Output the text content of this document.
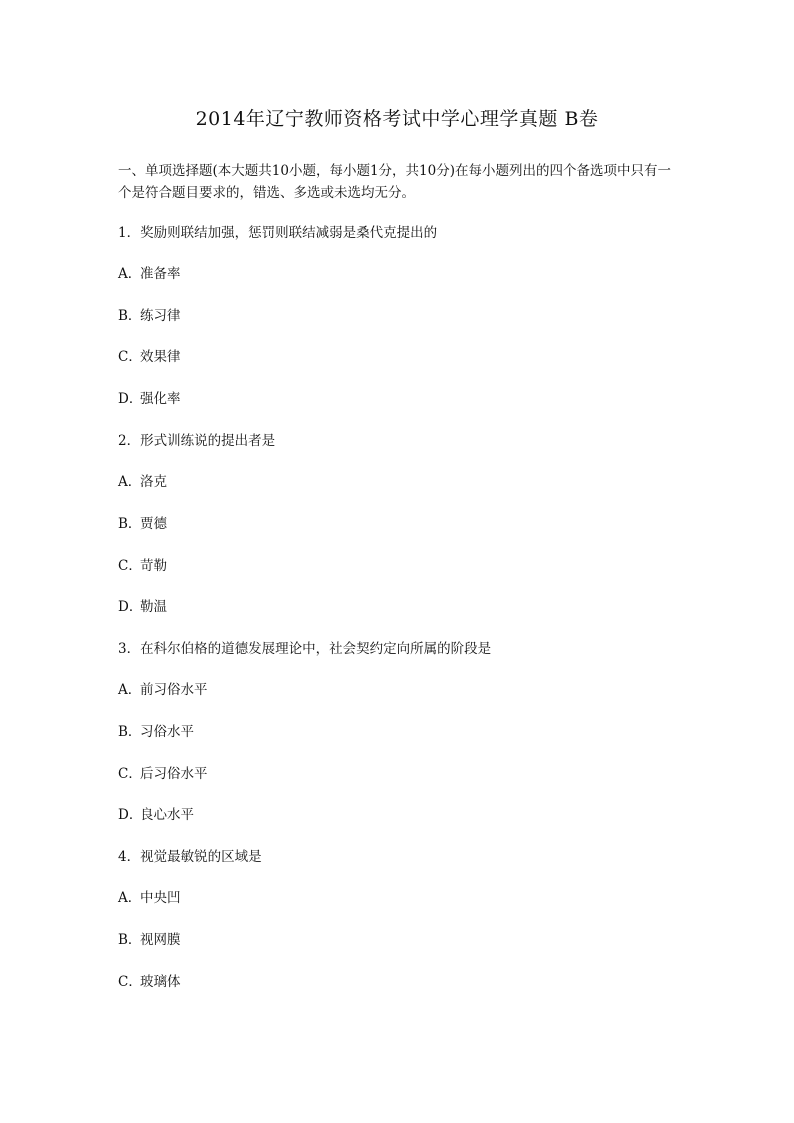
2014年辽宁教师资格考试中学心理学真题 B卷
一、单项选择题(本大题共10小题，每小题1分，共10分)在每小题列出的四个备选项中只有一个是符合题目要求的，错选、多选或未选均无分。
1．奖励则联结加强，惩罚则联结减弱是桑代克提出的
A．准备率
B．练习律
C．效果律
D．强化率
2．形式训练说的提出者是
A．洛克
B．贾德
C．苛勒
D．勒温
3．在科尔伯格的道德发展理论中，社会契约定向所属的阶段是
A．前习俗水平
B．习俗水平
C．后习俗水平
D．良心水平
4．视觉最敏锐的区域是
A．中央凹
B．视网膜
C．玻璃体
